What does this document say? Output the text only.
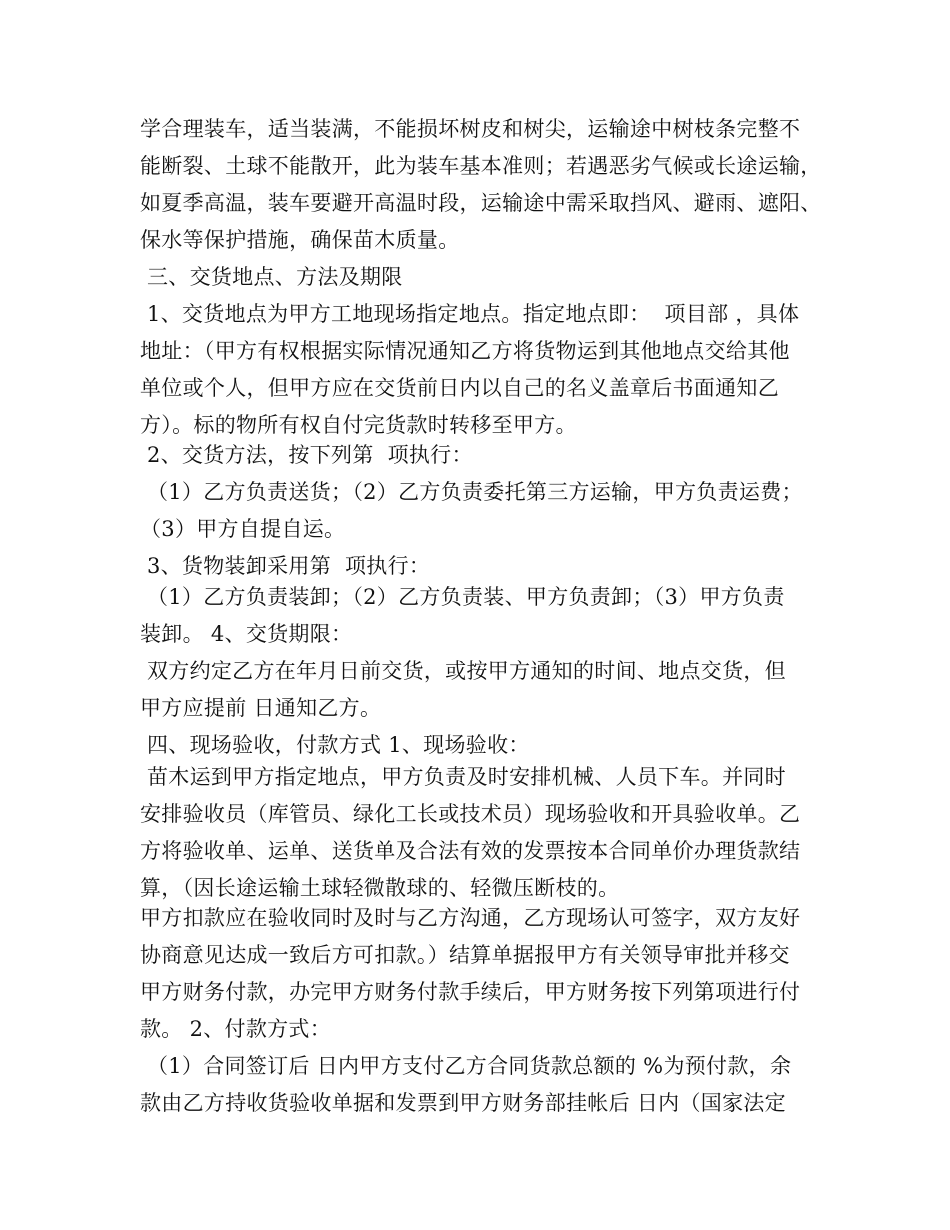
学合理装车，适当装满，不能损坏树皮和树尖，运输途中树枝条完整不

能断裂、土球不能散开，此为装车基本准则；若遇恶劣气候或长途运输，

如夏季高温，装车要避开高温时段，运输途中需采取挡风、避雨、遮阳、

保水等保护措施，确保苗木质量。

三、交货地点、方法及期限

1、交货地点为甲方工地现场指定地点。指定地点即：  项目部 ，具体

地址：（甲方有权根据实际情况通知乙方将货物运到其他地点交给其他

单位或个人，但甲方应在交货前日内以自己的名义盖章后书面通知乙

方）。标的物所有权自付完货款时转移至甲方。

2、交货方法，按下列第  项执行：

（1）乙方负责送货；（2）乙方负责委托第三方运输，甲方负责运费；

（3）甲方自提自运。

3、货物装卸采用第  项执行：

（1）乙方负责装卸；（2）乙方负责装、甲方负责卸；（3）甲方负责

装卸。 4、交货期限：

双方约定乙方在年月日前交货，或按甲方通知的时间、地点交货，但

甲方应提前 日通知乙方。

四、现场验收，付款方式 1、现场验收：

苗木运到甲方指定地点，甲方负责及时安排机械、人员下车。并同时

安排验收员（库管员、绿化工长或技术员）现场验收和开具验收单。乙

方将验收单、运单、送货单及合法有效的发票按本合同单价办理货款结

算，（因长途运输土球轻微散球的、轻微压断枝的。

甲方扣款应在验收同时及时与乙方沟通，乙方现场认可签字，双方友好

协商意见达成一致后方可扣款。）结算单据报甲方有关领导审批并移交

甲方财务付款，办完甲方财务付款手续后，甲方财务按下列第项进行付

款。 2、付款方式：

（1）合同签订后 日内甲方支付乙方合同货款总额的 %为预付款，余

款由乙方持收货验收单据和发票到甲方财务部挂帐后 日内（国家法定
